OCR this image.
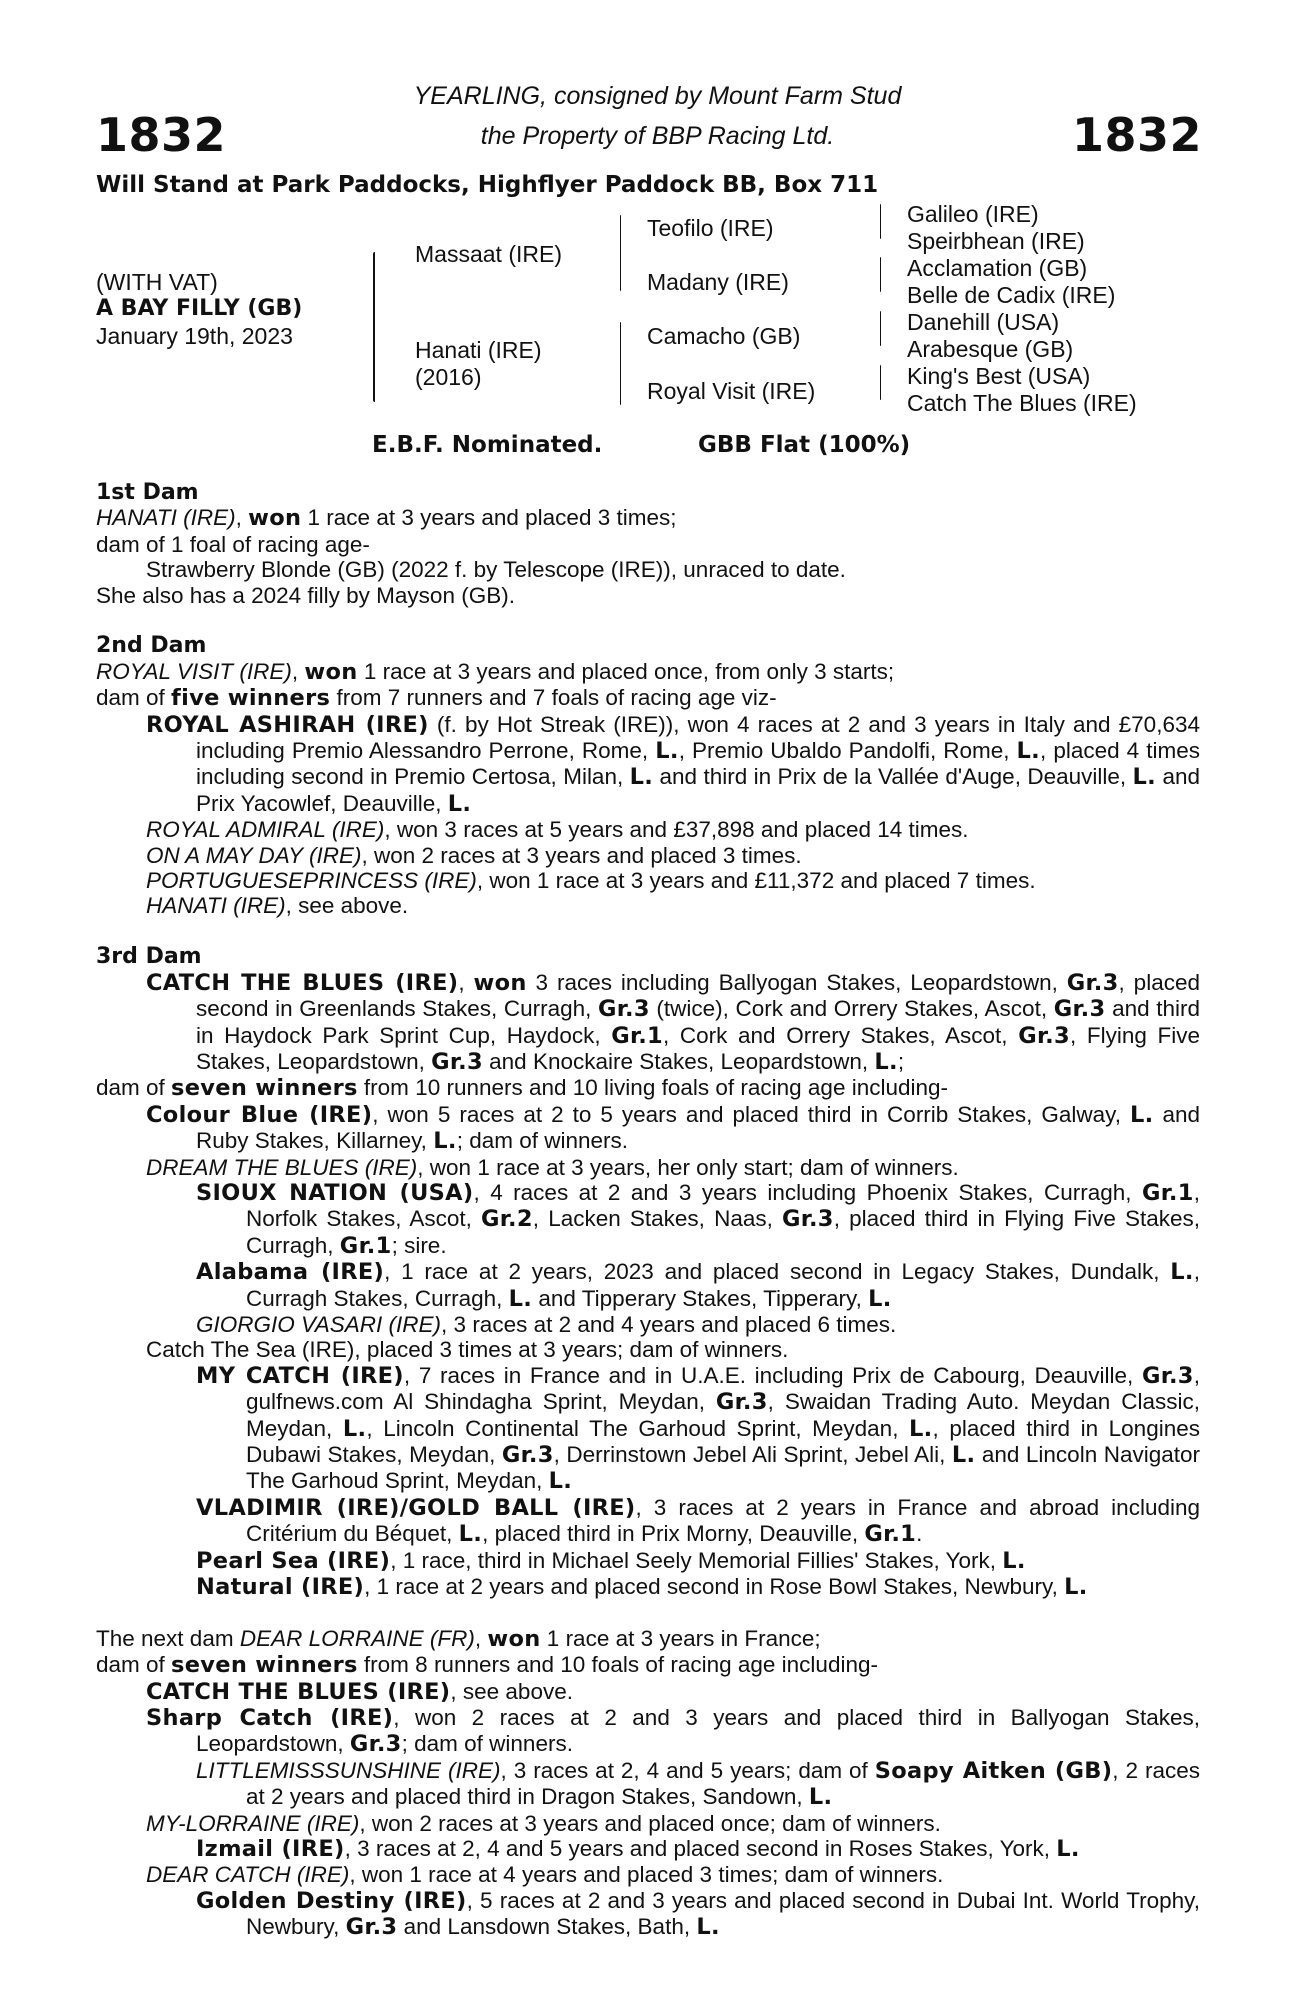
1832	1832
YEARLING, consigned by Mount Farm Stud
the Property of BBP Racing Ltd.
Will Stand at Park Paddocks, Highflyer Paddock BB, Box 711
(WITH VAT)
A BAY FILLY (GB)
January 19th, 2023
Massaat (IRE)
Hanati (IRE)
(2016)
Teofilo (IRE)
Madany (IRE)
Camacho (GB)
Royal Visit (IRE)
Galileo (IRE)
Speirbhean (IRE)
Acclamation (GB)
Belle de Cadix (IRE)
Danehill (USA)
Arabesque (GB)
King's Best (USA)
Catch The Blues (IRE)
E.B.F. Nominated.	GBB Flat (100%)
1st Dam
HANATI (IRE), won 1 race at 3 years and placed 3 times;
dam of 1 foal of racing age-
Strawberry Blonde (GB) (2022 f. by Telescope (IRE)), unraced to date.
She also has a 2024 filly by Mayson (GB).
2nd Dam
ROYAL VISIT (IRE), won 1 race at 3 years and placed once, from only 3 starts;
dam of five winners from 7 runners and 7 foals of racing age viz-
ROYAL ASHIRAH (IRE) (f. by Hot Streak (IRE)), won 4 races at 2 and 3 years in Italy and £70,634 including Premio Alessandro Perrone, Rome, L., Premio Ubaldo Pandolfi, Rome, L., placed 4 times including second in Premio Certosa, Milan, L. and third in Prix de la Vallée d'Auge, Deauville, L. and Prix Yacowlef, Deauville, L.
ROYAL ADMIRAL (IRE), won 3 races at 5 years and £37,898 and placed 14 times.
ON A MAY DAY (IRE), won 2 races at 3 years and placed 3 times.
PORTUGUESEPRINCESS (IRE), won 1 race at 3 years and £11,372 and placed 7 times.
HANATI (IRE), see above.
3rd Dam
CATCH THE BLUES (IRE), won 3 races including Ballyogan Stakes, Leopardstown, Gr.3, placed second in Greenlands Stakes, Curragh, Gr.3 (twice), Cork and Orrery Stakes, Ascot, Gr.3 and third in Haydock Park Sprint Cup, Haydock, Gr.1, Cork and Orrery Stakes, Ascot, Gr.3, Flying Five Stakes, Leopardstown, Gr.3 and Knockaire Stakes, Leopardstown, L.;
dam of seven winners from 10 runners and 10 living foals of racing age including-
Colour Blue (IRE), won 5 races at 2 to 5 years and placed third in Corrib Stakes, Galway, L. and Ruby Stakes, Killarney, L.; dam of winners.
DREAM THE BLUES (IRE), won 1 race at 3 years, her only start; dam of winners.
SIOUX NATION (USA), 4 races at 2 and 3 years including Phoenix Stakes, Curragh, Gr.1, Norfolk Stakes, Ascot, Gr.2, Lacken Stakes, Naas, Gr.3, placed third in Flying Five Stakes, Curragh, Gr.1; sire.
Alabama (IRE), 1 race at 2 years, 2023 and placed second in Legacy Stakes, Dundalk, L., Curragh Stakes, Curragh, L. and Tipperary Stakes, Tipperary, L.
GIORGIO VASARI (IRE), 3 races at 2 and 4 years and placed 6 times.
Catch The Sea (IRE), placed 3 times at 3 years; dam of winners.
MY CATCH (IRE), 7 races in France and in U.A.E. including Prix de Cabourg, Deauville, Gr.3, gulfnews.com Al Shindagha Sprint, Meydan, Gr.3, Swaidan Trading Auto. Meydan Classic, Meydan, L., Lincoln Continental The Garhoud Sprint, Meydan, L., placed third in Longines Dubawi Stakes, Meydan, Gr.3, Derrinstown Jebel Ali Sprint, Jebel Ali, L. and Lincoln Navigator The Garhoud Sprint, Meydan, L.
VLADIMIR (IRE)/GOLD BALL (IRE), 3 races at 2 years in France and abroad including Critérium du Béquet, L., placed third in Prix Morny, Deauville, Gr.1.
Pearl Sea (IRE), 1 race, third in Michael Seely Memorial Fillies' Stakes, York, L.
Natural (IRE), 1 race at 2 years and placed second in Rose Bowl Stakes, Newbury, L.
The next dam DEAR LORRAINE (FR), won 1 race at 3 years in France;
dam of seven winners from 8 runners and 10 foals of racing age including-
CATCH THE BLUES (IRE), see above.
Sharp Catch (IRE), won 2 races at 2 and 3 years and placed third in Ballyogan Stakes, Leopardstown, Gr.3; dam of winners.
LITTLEMISSSUNSHINE (IRE), 3 races at 2, 4 and 5 years; dam of Soapy Aitken (GB), 2 races at 2 years and placed third in Dragon Stakes, Sandown, L.
MY-LORRAINE (IRE), won 2 races at 3 years and placed once; dam of winners.
Izmail (IRE), 3 races at 2, 4 and 5 years and placed second in Roses Stakes, York, L.
DEAR CATCH (IRE), won 1 race at 4 years and placed 3 times; dam of winners.
Golden Destiny (IRE), 5 races at 2 and 3 years and placed second in Dubai Int. World Trophy, Newbury, Gr.3 and Lansdown Stakes, Bath, L.
